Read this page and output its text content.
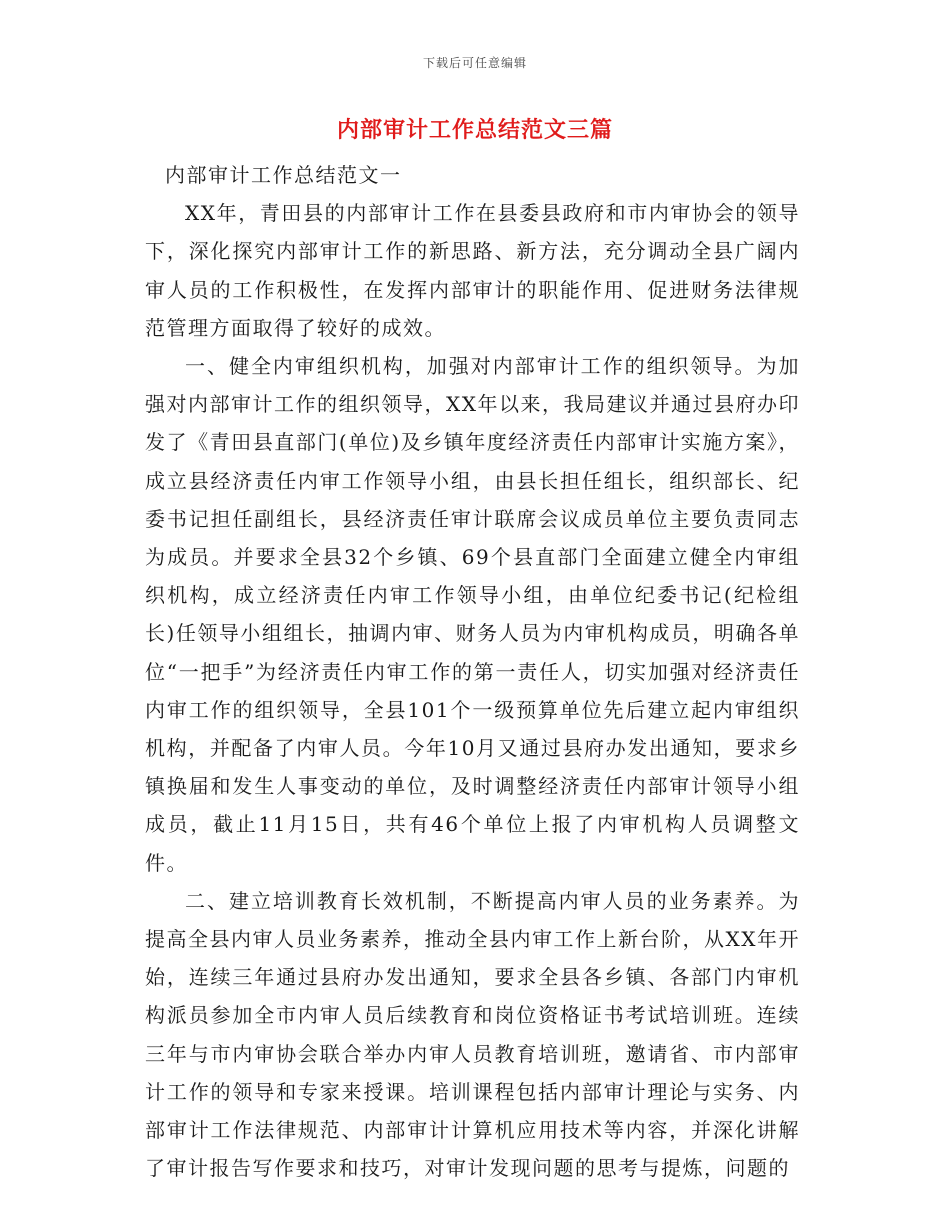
下载后可任意编辑
内部审计工作总结范文三篇

内部审计工作总结范文一

XX年，青田县的内部审计工作在县委县政府和市内审协会的领导下，深化探究内部审计工作的新思路、新方法，充分调动全县广阔内审人员的工作积极性，在发挥内部审计的职能作用、促进财务法律规范管理方面取得了较好的成效。

一、健全内审组织机构，加强对内部审计工作的组织领导。为加强对内部审计工作的组织领导，XX年以来，我局建议并通过县府办印发了《青田县直部门(单位)及乡镇年度经济责任内部审计实施方案》，成立县经济责任内审工作领导小组，由县长担任组长，组织部长、纪委书记担任副组长，县经济责任审计联席会议成员单位主要负责同志为成员。并要求全县32个乡镇、69个县直部门全面建立健全内审组织机构，成立经济责任内审工作领导小组，由单位纪委书记(纪检组长)任领导小组组长，抽调内审、财务人员为内审机构成员，明确各单位“一把手”为经济责任内审工作的第一责任人，切实加强对经济责任内审工作的组织领导，全县101个一级预算单位先后建立起内审组织机构，并配备了内审人员。今年10月又通过县府办发出通知，要求乡镇换届和发生人事变动的单位，及时调整经济责任内部审计领导小组成员，截止11月15日，共有46个单位上报了内审机构人员调整文件。

二、建立培训教育长效机制，不断提高内审人员的业务素养。为提高全县内审人员业务素养，推动全县内审工作上新台阶，从XX年开始，连续三年通过县府办发出通知，要求全县各乡镇、各部门内审机构派员参加全市内审人员后续教育和岗位资格证书考试培训班。连续三年与市内审协会联合举办内审人员教育培训班，邀请省、市内部审计工作的领导和专家来授课。培训课程包括内部审计理论与实务、内部审计工作法律规范、内部审计计算机应用技术等内容，并深化讲解了审计报告写作要求和技巧，对审计发现问题的思考与提炼，问题的
